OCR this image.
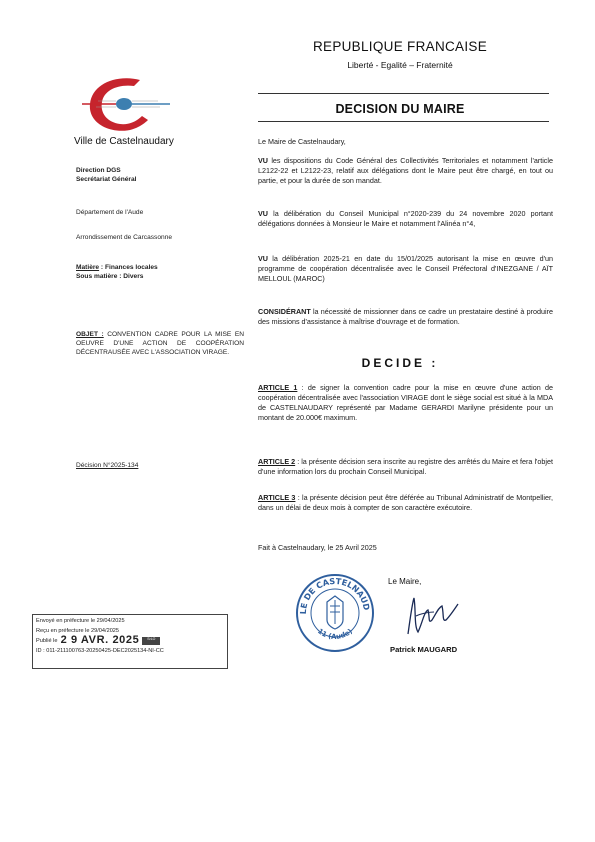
Ville de Castelnaudary
Direction DGS
Secrétariat Général
Département de l'Aude
Arrondissement de Carcassonne
Matière : Finances locales
Sous matière : Divers
OBJET : CONVENTION CADRE POUR LA MISE EN OEUVRE D'UNE ACTION DE COOPÉRATION DÉCENTRAUSÉE AVEC L'ASSOCIATION VIRAGE.
Décision N°2025-134
REPUBLIQUE FRANCAISE
Liberté - Egalité – Fraternité
DECISION DU MAIRE
Le Maire de Castelnaudary,
VU les dispositions du Code Général des Collectivités Territoriales et notamment l'article L2122-22 et L2122-23, relatif aux délégations dont le Maire peut être chargé, en tout ou partie, et pour la durée de son mandat.
VU la délibération du Conseil Municipal n°2020-239 du 24 novembre 2020 portant délégations données à Monsieur le Maire et notamment l'Alinéa n°4,
VU la délibération 2025-21 en date du 15/01/2025 autorisant la mise en œuvre d'un programme de coopération décentralisée avec le Conseil Préfectoral d'INEZGANE / AÏT MELLOUL (MAROC)
CONSIDÉRANT la nécessité de missionner dans ce cadre un prestataire destiné à produire des missions d'assistance à maîtrise d'ouvrage et de formation.
DECIDE :
ARTICLE 1 : de signer la convention cadre pour la mise en œuvre d'une action de coopération décentralisée avec l'association VIRAGE dont le siège social est situé à la MDA de CASTELNAUDARY représenté par Madame GERARDI Marilyne présidente pour un montant de 20.000€ maximum.
ARTICLE 2 : la présente décision sera inscrite au registre des arrêtés du Maire et fera l'objet d'une information lors du prochain Conseil Municipal.
ARTICLE 3 : la présente décision peut être déférée au Tribunal Administratif de Montpellier, dans un délai de deux mois à compter de son caractère exécutoire.
Fait à Castelnaudary, le 25 Avril 2025
LE DE CASTELNAUD
11 (Aude)
Le Maire,
Patrick MAUGARD
Envoyé en préfecture le 29/04/2025
Reçu en préfecture le 29/04/2025
Publié le 2 9 AVR. 2025 S²LO
ID : 011-211100763-20250425-DEC2025134-NI-CC
